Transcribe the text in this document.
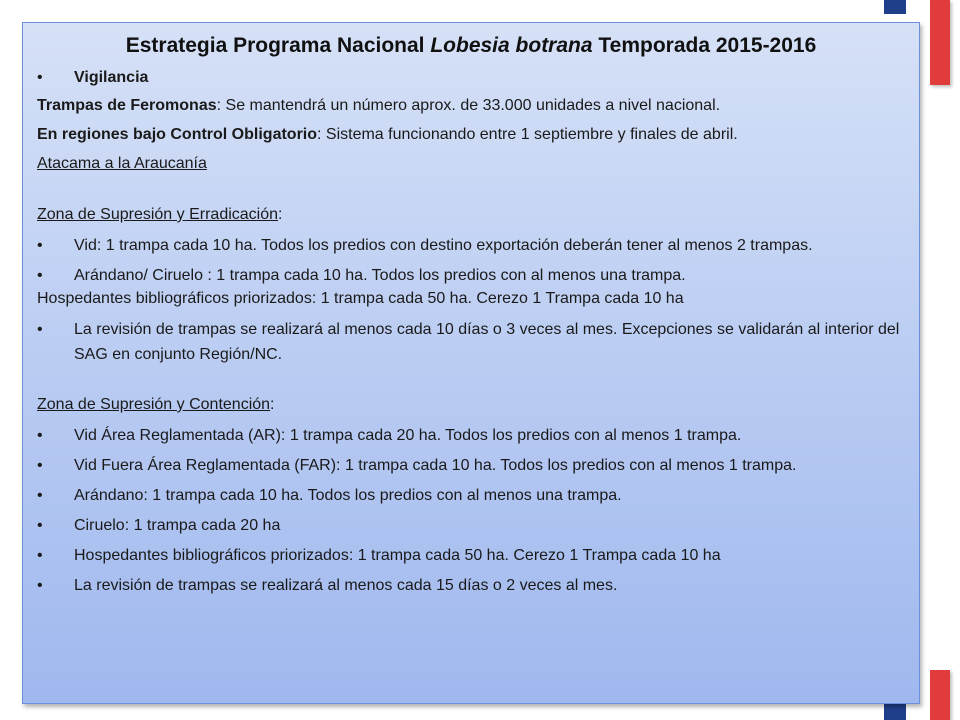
Estrategia Programa Nacional Lobesia botrana Temporada 2015-2016
• Vigilancia
Trampas de Feromonas: Se mantendrá un número aprox. de 33.000 unidades a nivel nacional.
En regiones bajo Control Obligatorio: Sistema funcionando entre 1 septiembre y finales de abril.
Atacama a la Araucanía
Zona de Supresión y Erradicación:
• Vid: 1 trampa cada 10 ha. Todos los predios con destino exportación deberán tener al menos 2 trampas.
• Arándano/ Ciruelo : 1 trampa cada 10 ha. Todos los predios con al menos una trampa.
Hospedantes bibliográficos priorizados: 1 trampa cada 50 ha. Cerezo 1 Trampa cada 10 ha
• La revisión de trampas se realizará al menos cada 10 días o 3 veces al mes. Excepciones se validarán al interior del SAG en conjunto Región/NC.
Zona de Supresión y Contención:
• Vid Área Reglamentada (AR): 1 trampa cada 20 ha. Todos los predios con al menos 1 trampa.
• Vid Fuera Área Reglamentada (FAR): 1 trampa cada 10 ha. Todos los predios con al menos 1 trampa.
• Arándano: 1 trampa cada 10 ha. Todos los predios con al menos una trampa.
• Ciruelo: 1 trampa cada 20 ha
• Hospedantes bibliográficos priorizados: 1 trampa cada 50 ha. Cerezo 1 Trampa cada 10 ha
• La revisión de trampas se realizará al menos cada 15 días o 2 veces al mes.
